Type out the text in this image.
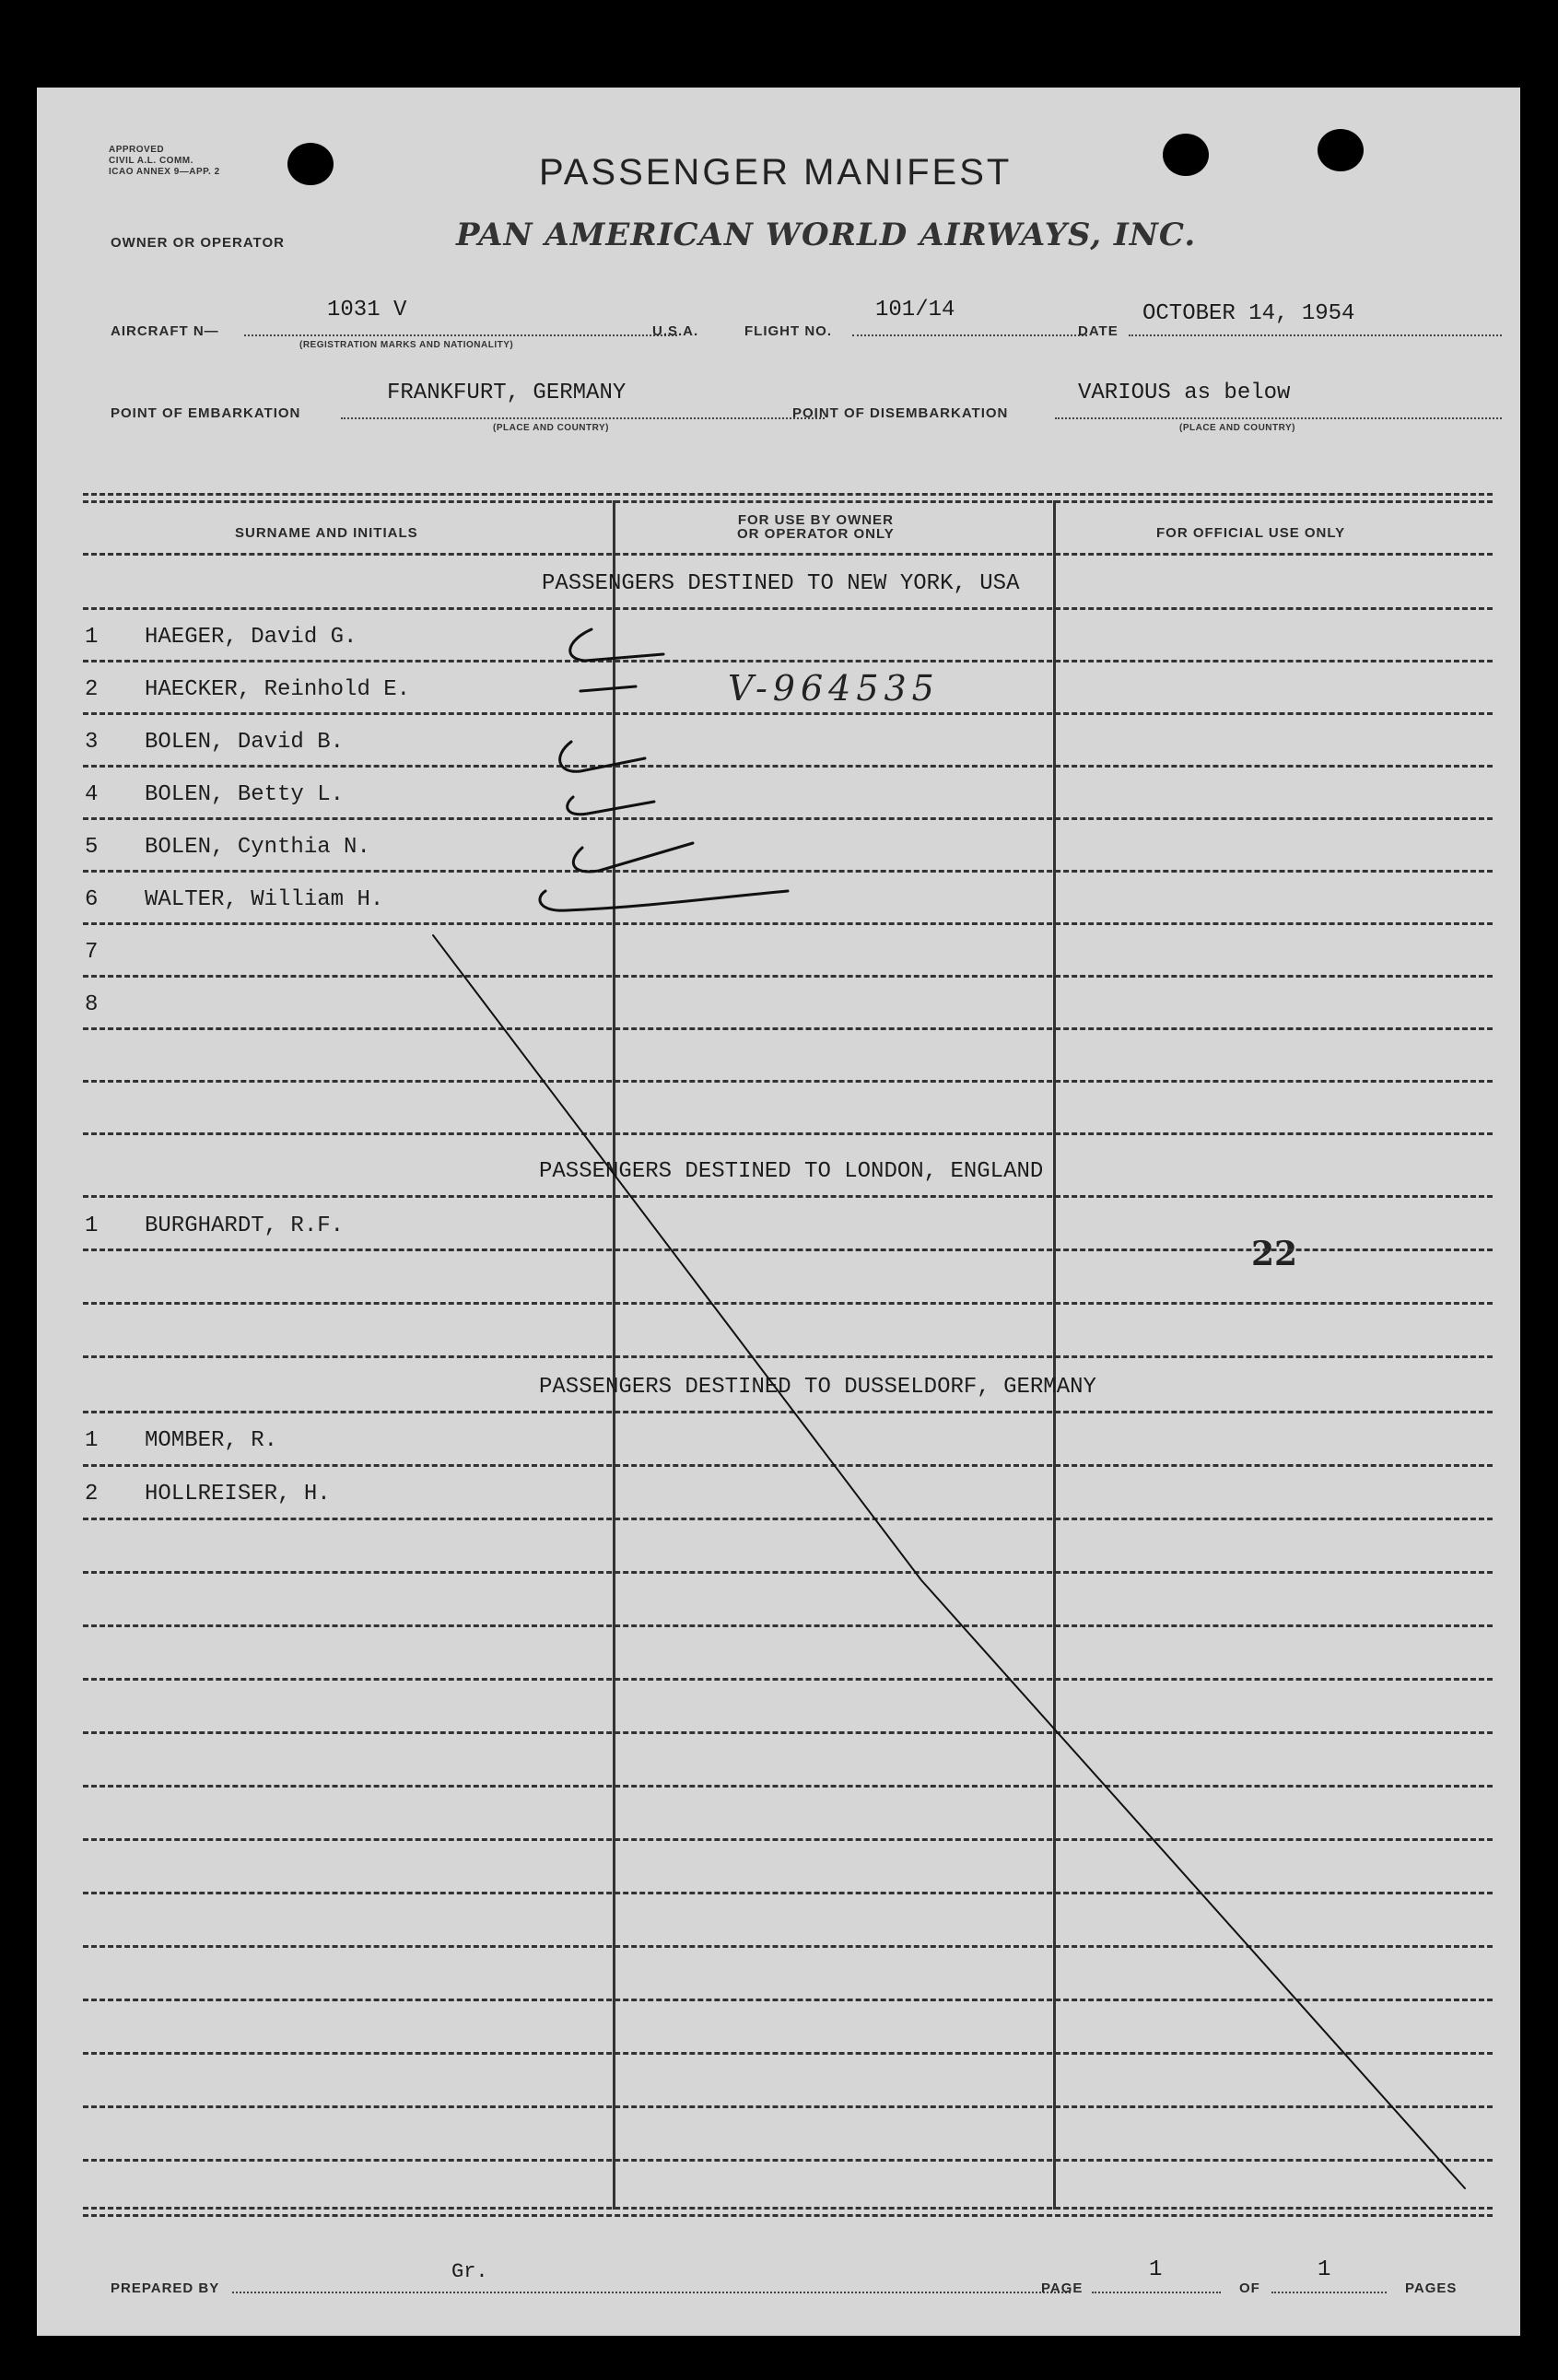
APPROVED
CIVIL A.L. COMM.
ICAO ANNEX 9—APP. 2	PASSENGER MANIFEST
OWNER OR OPERATOR	PAN AMERICAN WORLD AIRWAYS, INC.
AIRCRAFT N—
1031 V
(REGISTRATION MARKS AND NATIONALITY)
U.S.A.	FLIGHT NO.
101/14
DATE
OCTOBER 14, 1954
POINT OF EMBARKATION
FRANKFURT, GERMANY
(PLACE AND COUNTRY)
POINT OF DISEMBARKATION
VARIOUS as below
(PLACE AND COUNTRY)
SURNAME AND INITIALS
FOR USE BY OWNER
OR OPERATOR ONLY	FOR OFFICIAL USE ONLY
PASSENGERS DESTINED TO NEW YORK, USA
1 HAEGER, David G.
2 HAECKER, Reinhold E.
3 BOLEN, David B.
4 BOLEN, Betty L.
5 BOLEN, Cynthia N.
6 WALTER, William H.
7
8
PASSENGERS DESTINED TO LONDON, ENGLAND
1 BURGHARDT, R.F.
22
PASSENGERS DESTINED TO DUSSELDORF, GERMANY
1 MOMBER, R.
2 HOLLREISER, H.
V-964535
PREPARED BY
Gr.
PAGE
1
OF
1
PAGES
